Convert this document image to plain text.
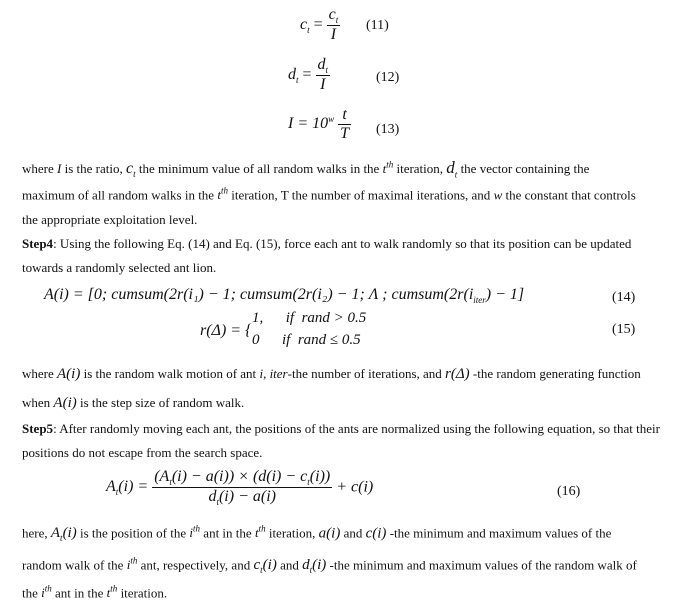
$c_t = \frac{c_t}{I} (11)$
$d_t = \frac{d_t}{I}$	(12)
$I = 10^w \frac{t}{T} (13)$
where I is the ratio, $c_t$ the minimum value of all random walks in the $t^{th}$ iteration, $d_t$ the vector containing the
maximum of all random walks in the $t^{th}$ iteration, T the number of maximal iterations, and w the constant that controls
the appropriate exploitation level.
Step4: Using the following Eq. (14) and Eq. (15), force each ant to walk randomly so that its position can be updated
towards a randomly selected ant lion.
A(i) = [0; cumsum(2r(i₁) − 1; cumsum(2r(i₂) − 1; Λ ; $cumsum(2r(i_{iter}) - 1]$	(14)
r(Δ) = {
1,      if  rand > 0.5
0      if  rand ≤ 0.5
(15)
where A(i) is the random walk motion of ant i, iter-the number of iterations, and r(Δ) -the random generating function
when A(i) is the step size of random walk.
Step5: After randomly moving each ant, the positions of the ants are normalized using the following equation, so that their
positions do not escape from the search space.
$A_t(i) = \frac{(A_t(i) - a(i)) \times (d(i) - c_t(i))}{d_t(i) - a(i)} + c(i)$	(16)
here, $A_t(i)$ is the position of the $i^{th}$ ant in the $t^{th}$ iteration, a(i) and c(i) -the minimum and maximum values of the
random walk of the $i^{th}$ ant, respectively, and $c_t(i)$ and $d_t(i)$ -the minimum and maximum values of the random walk of
the $i^{th}$ ant in the $t^{th}$ iteration.
